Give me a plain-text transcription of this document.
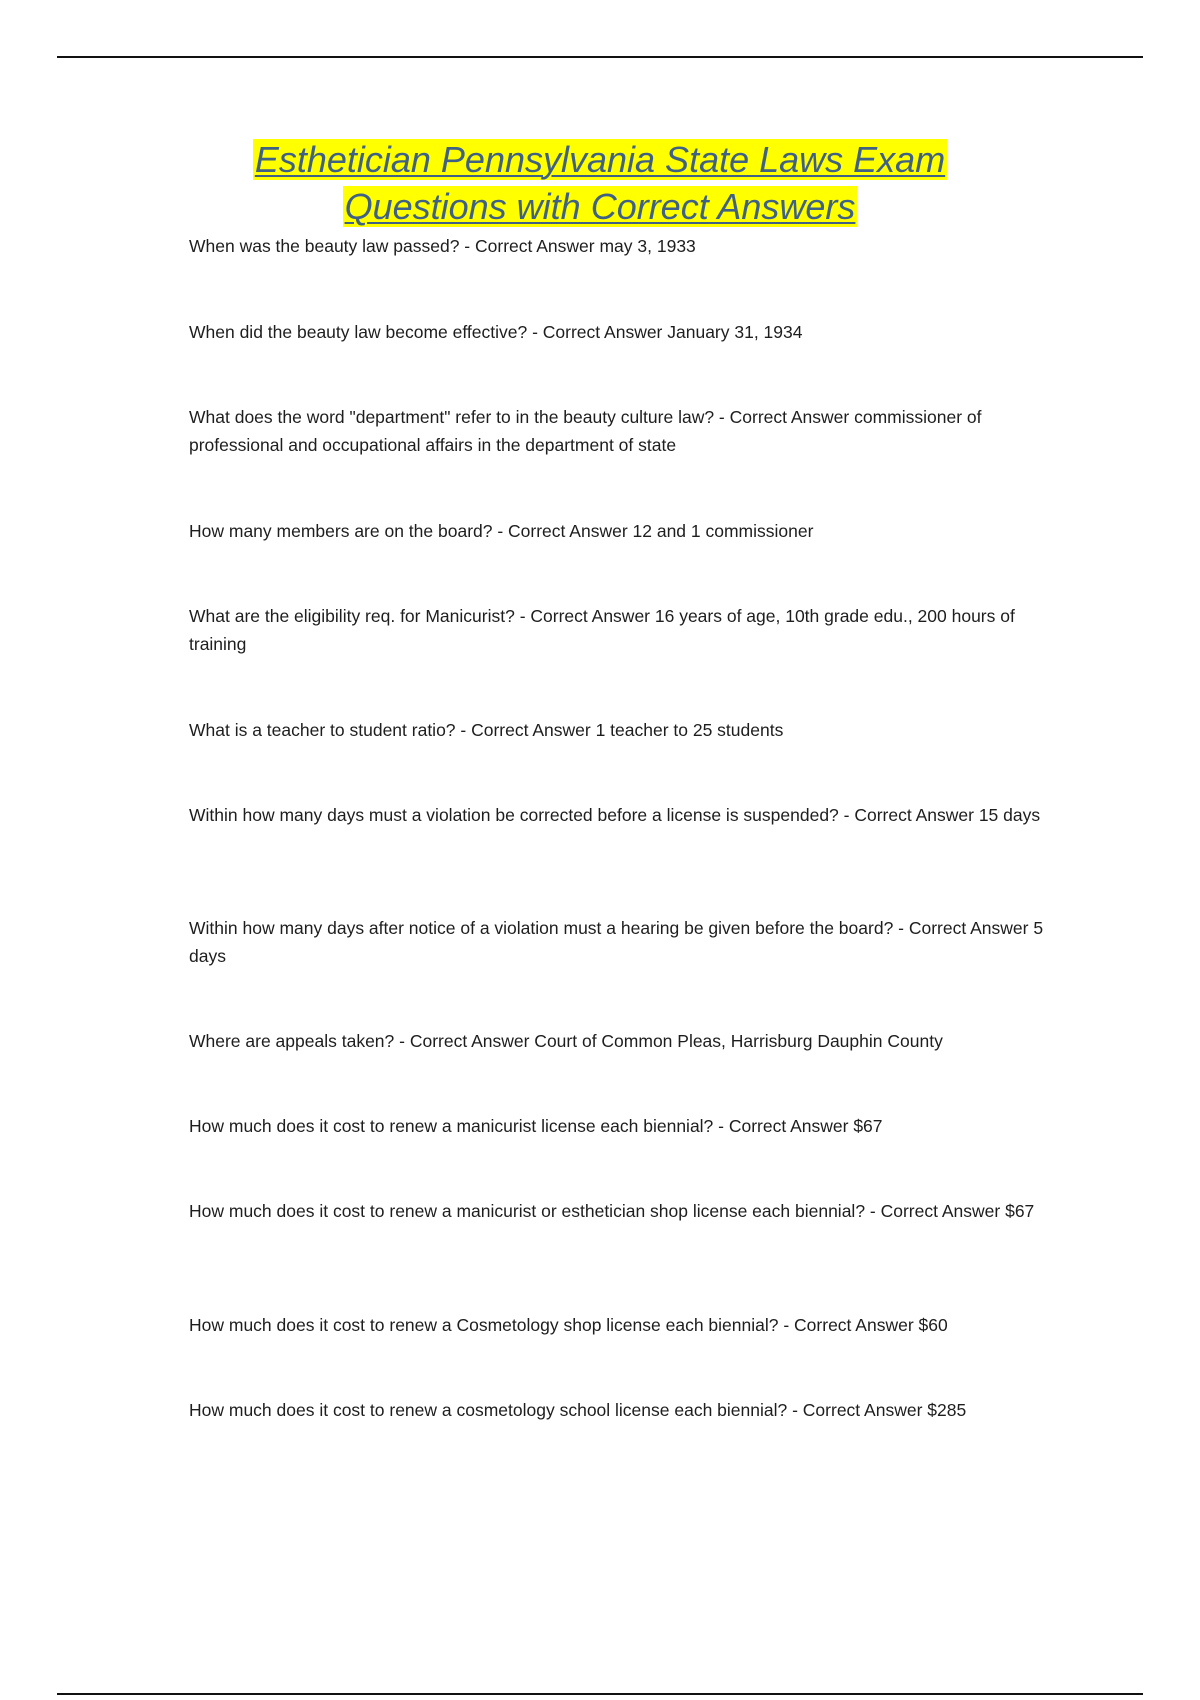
Esthetician Pennsylvania State Laws Exam
Questions with Correct Answers
When was the beauty law passed? - Correct Answer may 3, 1933
When did the beauty law become effective? - Correct Answer January 31, 1934
What does the word "department" refer to in the beauty culture law? - Correct Answer commissioner of professional and occupational affairs in the department of state
How many members are on the board? - Correct Answer 12 and 1 commissioner
What are the eligibility req. for Manicurist? - Correct Answer 16 years of age, 10th grade edu., 200 hours of training
What is a teacher to student ratio? - Correct Answer 1 teacher to 25 students
Within how many days must a violation be corrected before a license is suspended? - Correct Answer 15 days
Within how many days after notice of a violation must a hearing be given before the board? - Correct Answer 5 days
Where are appeals taken? - Correct Answer Court of Common Pleas, Harrisburg Dauphin County
How much does it cost to renew a manicurist license each biennial? - Correct Answer $67
How much does it cost to renew a manicurist or esthetician shop license each biennial? - Correct Answer $67
How much does it cost to renew a Cosmetology shop license each biennial? - Correct Answer $60
How much does it cost to renew a cosmetology school license each biennial? - Correct Answer $285
